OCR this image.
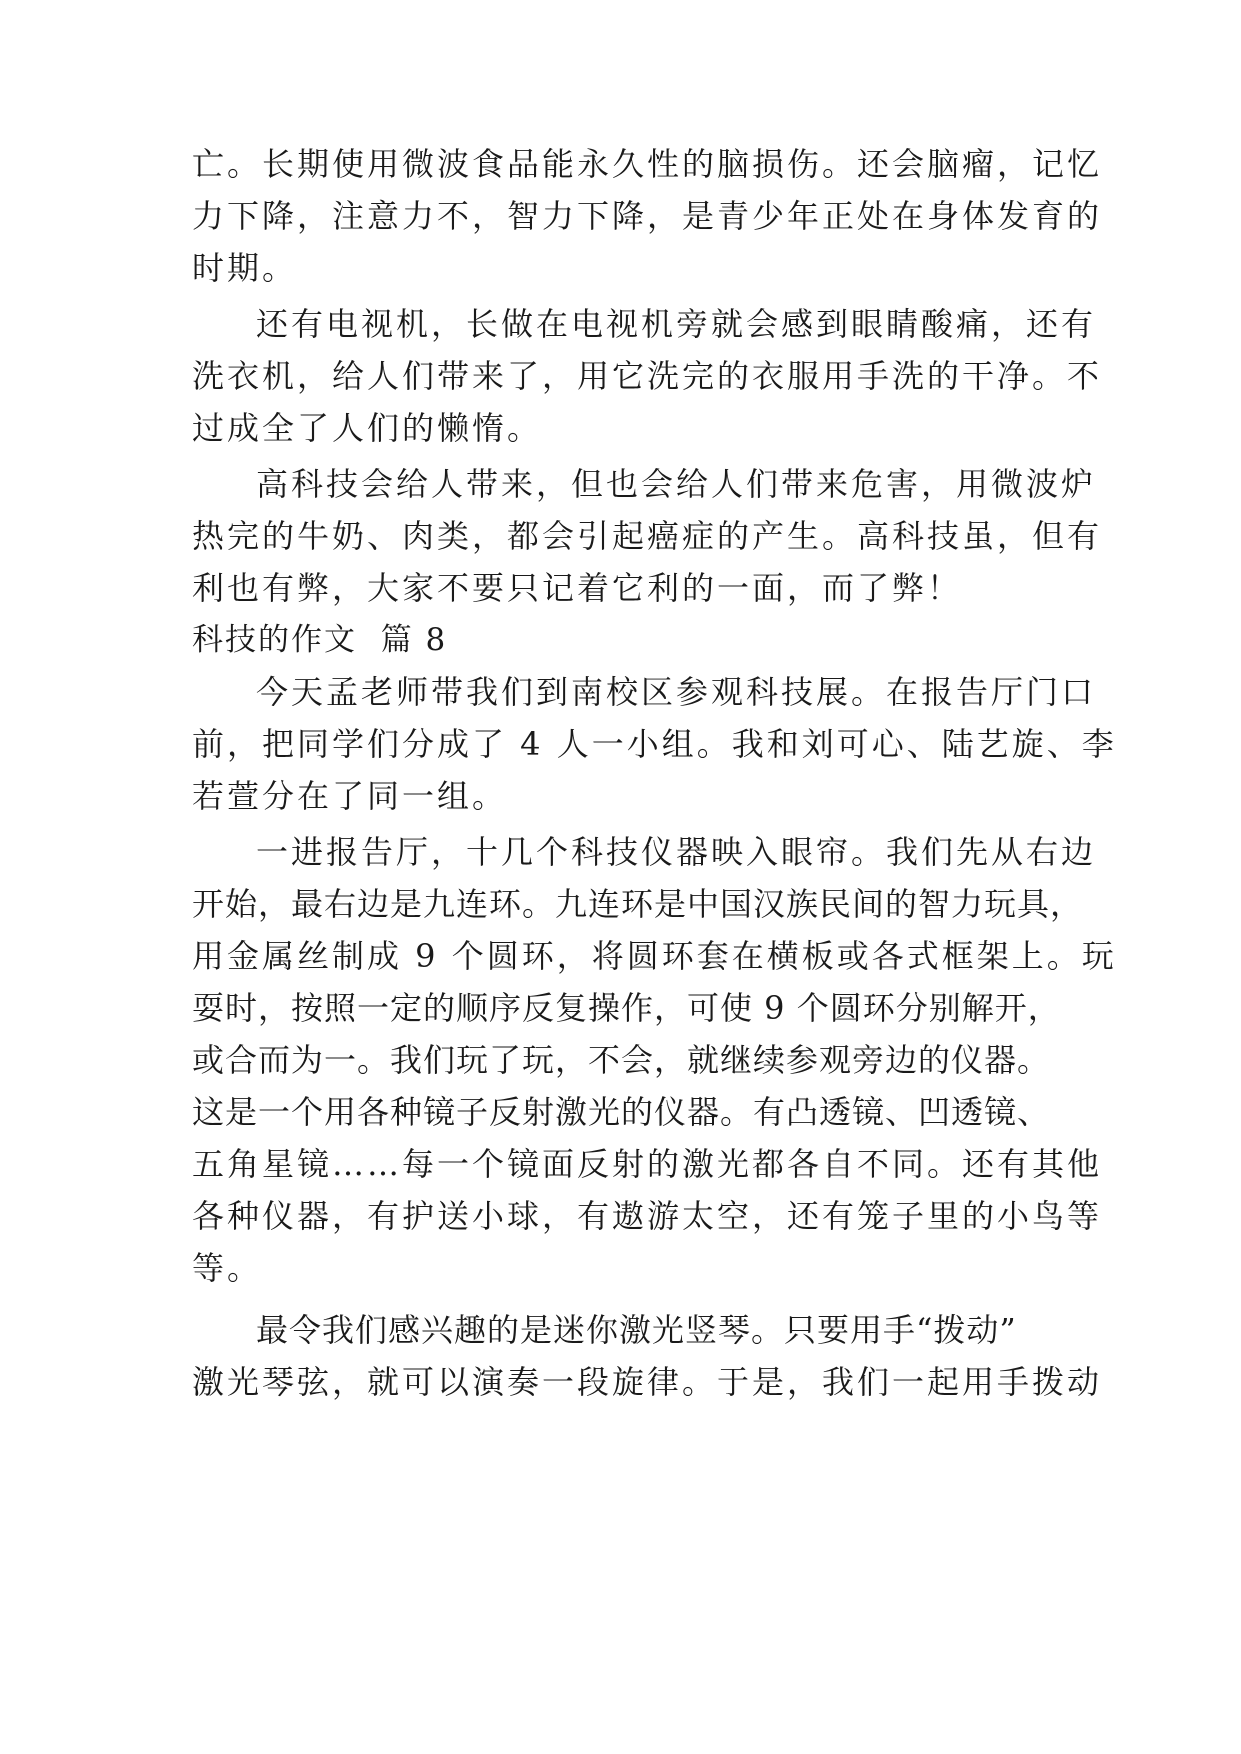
亡。长期使用微波食品能永久性的脑损伤。还会脑瘤，记忆
力下降，注意力不，智力下降，是青少年正处在身体发育的
时期。
还有电视机，长做在电视机旁就会感到眼睛酸痛，还有
洗衣机，给人们带来了，用它洗完的衣服用手洗的干净。不
过成全了人们的懒惰。
高科技会给人带来，但也会给人们带来危害，用微波炉
热完的牛奶、肉类，都会引起癌症的产生。高科技虽，但有
利也有弊，大家不要只记着它利的一面，而了弊！
科技的作文  篇 8
今天孟老师带我们到南校区参观科技展。在报告厅门口
前，把同学们分成了 4 人一小组。我和刘可心、陆艺旋、李
若萱分在了同一组。
一进报告厅，十几个科技仪器映入眼帘。我们先从右边
开始，最右边是九连环。九连环是中国汉族民间的智力玩具，
用金属丝制成 9 个圆环，将圆环套在横板或各式框架上。玩
耍时，按照一定的顺序反复操作，可使 9 个圆环分别解开，
或合而为一。我们玩了玩，不会，就继续参观旁边的仪器。
这是一个用各种镜子反射激光的仪器。有凸透镜、凹透镜、
五角星镜……每一个镜面反射的激光都各自不同。还有其他
各种仪器，有护送小球，有遨游太空，还有笼子里的小鸟等
等。
最令我们感兴趣的是迷你激光竖琴。只要用手“拨动”
激光琴弦，就可以演奏一段旋律。于是，我们一起用手拨动
